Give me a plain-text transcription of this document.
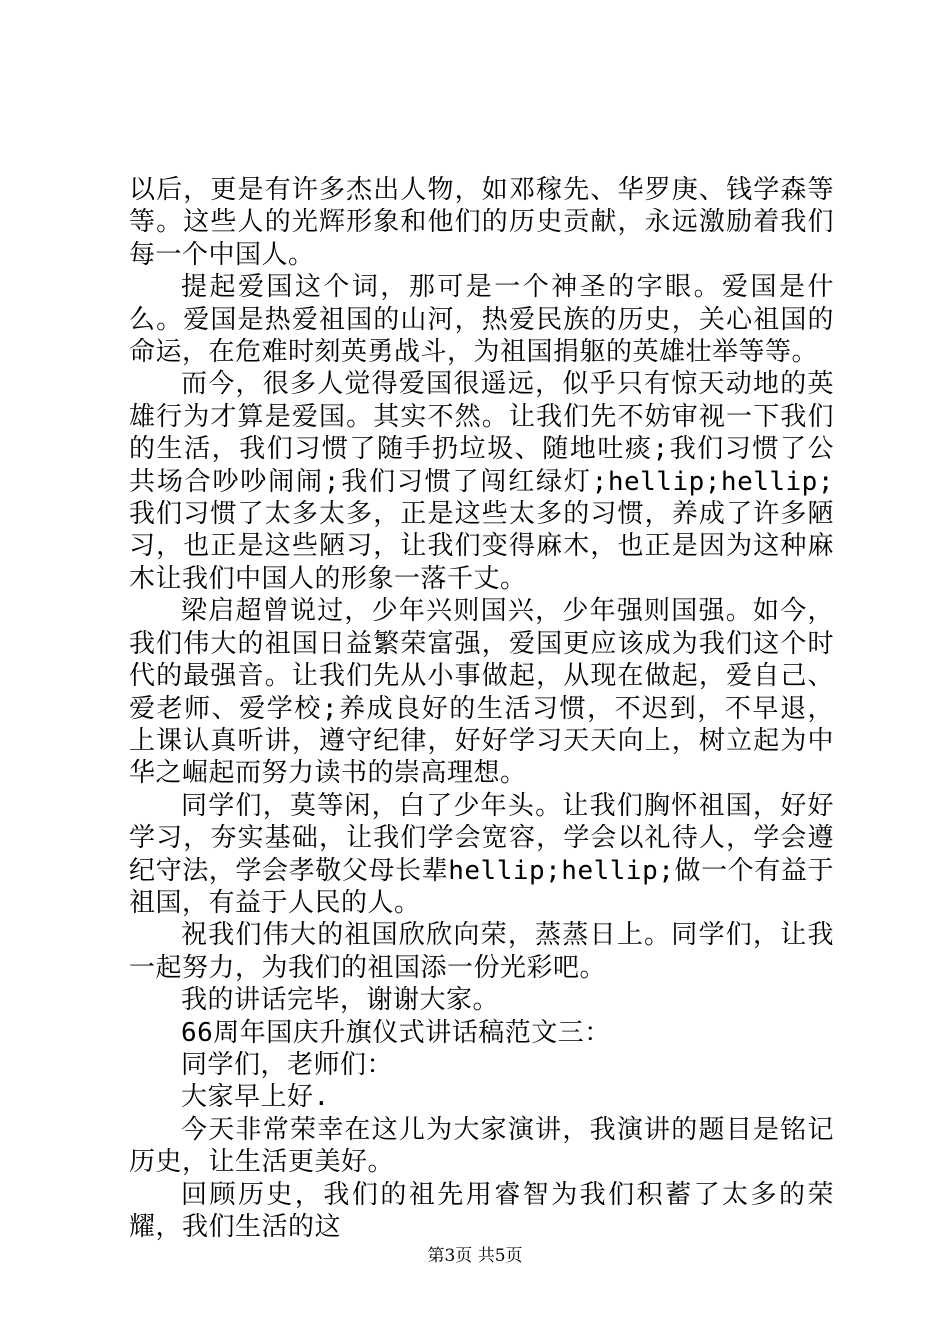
以后，更是有许多杰出人物，如邓稼先、华罗庚、钱学森等等。这些人的光辉形象和他们的历史贡献，永远激励着我们每一个中国人。

提起爱国这个词，那可是一个神圣的字眼。爱国是什么。爱国是热爱祖国的山河，热爱民族的历史，关心祖国的命运，在危难时刻英勇战斗，为祖国捐躯的英雄壮举等等。

而今，很多人觉得爱国很遥远，似乎只有惊天动地的英雄行为才算是爱国。其实不然。让我们先不妨审视一下我们的生活，我们习惯了随手扔垃圾、随地吐痰;我们习惯了公共场合吵吵闹闹;我们习惯了闯红绿灯;hellip;hellip;我们习惯了太多太多，正是这些太多的习惯，养成了许多陋习，也正是这些陋习，让我们变得麻木，也正是因为这种麻木让我们中国人的形象一落千丈。

梁启超曾说过，少年兴则国兴，少年强则国强。如今，我们伟大的祖国日益繁荣富强，爱国更应该成为我们这个时代的最强音。让我们先从小事做起，从现在做起，爱自己、爱老师、爱学校;养成良好的生活习惯，不迟到，不早退，上课认真听讲，遵守纪律，好好学习天天向上，树立起为中华之崛起而努力读书的崇高理想。

同学们，莫等闲，白了少年头。让我们胸怀祖国，好好学习，夯实基础，让我们学会宽容，学会以礼待人，学会遵纪守法，学会孝敬父母长辈hellip;hellip;做一个有益于祖国，有益于人民的人。

祝我们伟大的祖国欣欣向荣，蒸蒸日上。同学们，让我一起努力，为我们的祖国添一份光彩吧。

我的讲话完毕，谢谢大家。

66周年国庆升旗仪式讲话稿范文三：

同学们，老师们：

大家早上好.

今天非常荣幸在这儿为大家演讲，我演讲的题目是铭记历史，让生活更美好。

回顾历史，我们的祖先用睿智为我们积蓄了太多的荣耀，我们生活的这

第3页 共5页
